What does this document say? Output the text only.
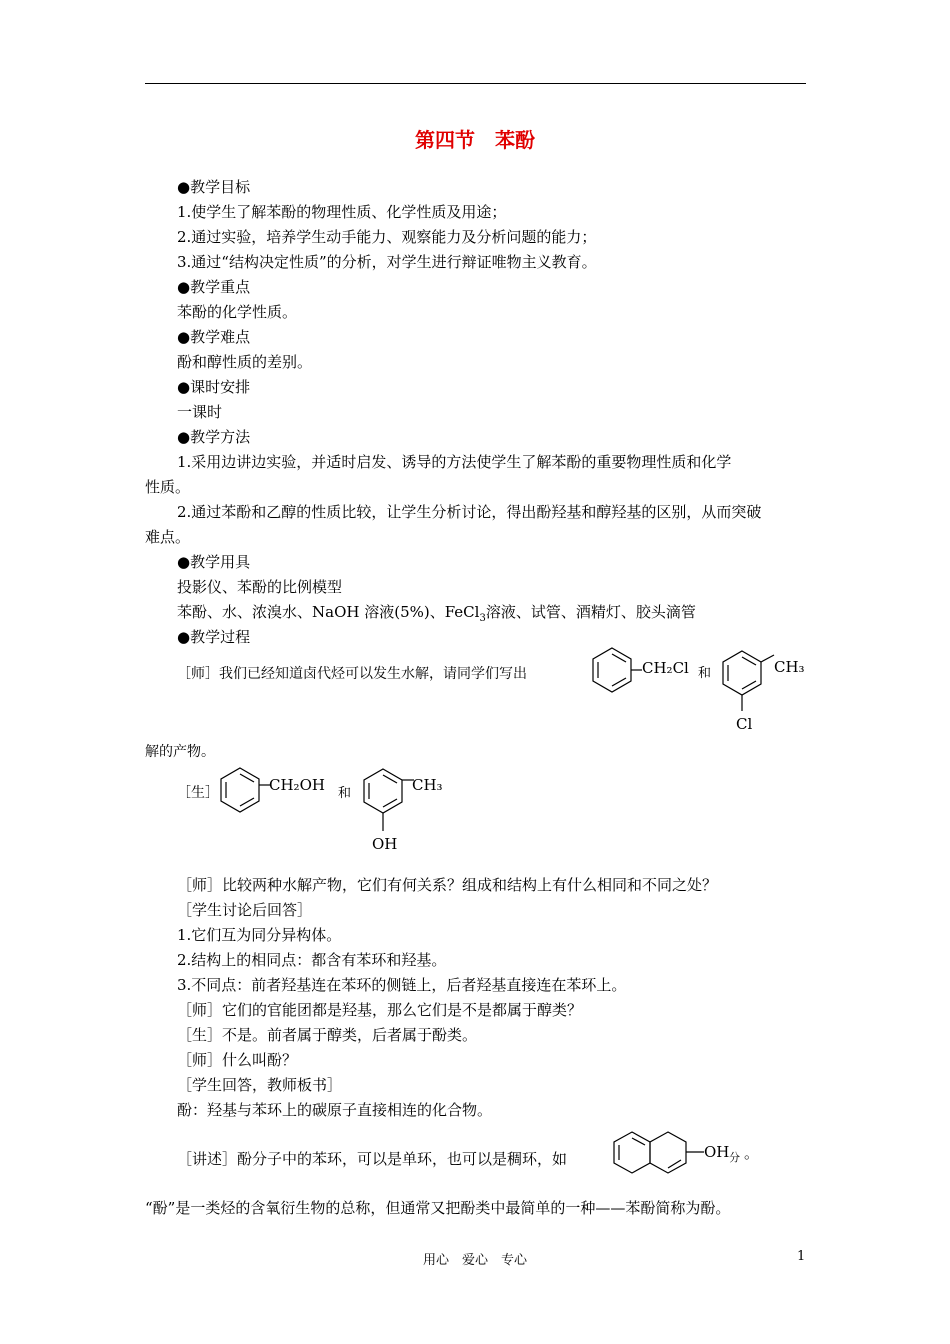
第四节　苯酚
●教学目标
1.使学生了解苯酚的物理性质、化学性质及用途；
2.通过实验，培养学生动手能力、观察能力及分析问题的能力；
3.通过“结构决定性质”的分析，对学生进行辩证唯物主义教育。
●教学重点
苯酚的化学性质。
●教学难点
酚和醇性质的差别。
●课时安排
一课时
●教学方法
1.采用边讲边实验，并适时启发、诱导的方法使学生了解苯酚的重要物理性质和化学
性质。
2.通过苯酚和乙醇的性质比较，让学生分析讨论，得出酚羟基和醇羟基的区别，从而突破
难点。
●教学用具
投影仪、苯酚的比例模型
苯酚、水、浓溴水、NaOH 溶液(5%)、FeCl$_3$溶液、试管、酒精灯、胶头滴管
●教学过程
［师］我们已经知道卤代烃可以发生水解，请同学们写出	CH₂Cl 和	CH₃
Cl
解的产物。
［生］	CH₂OH 和	CH₃
OH
［师］比较两种水解产物，它们有何关系？组成和结构上有什么相同和不同之处？
［学生讨论后回答］
1.它们互为同分异构体。
2.结构上的相同点：都含有苯环和羟基。
3.不同点：前者羟基连在苯环的侧链上，后者羟基直接连在苯环上。
［师］它们的官能团都是羟基，那么它们是不是都属于醇类？
［生］不是。前者属于醇类，后者属于酚类。
［师］什么叫酚？
［学生回答，教师板书］
酚：羟基与苯环上的碳原子直接相连的化合物。
［讲述］酚分子中的苯环，可以是单环，也可以是稠环，如	OH 分 。
“酚”是一类烃的含氧衍生物的总称，但通常又把酚类中最简单的一种——苯酚简称为酚。
用心　爱心　专心	1
